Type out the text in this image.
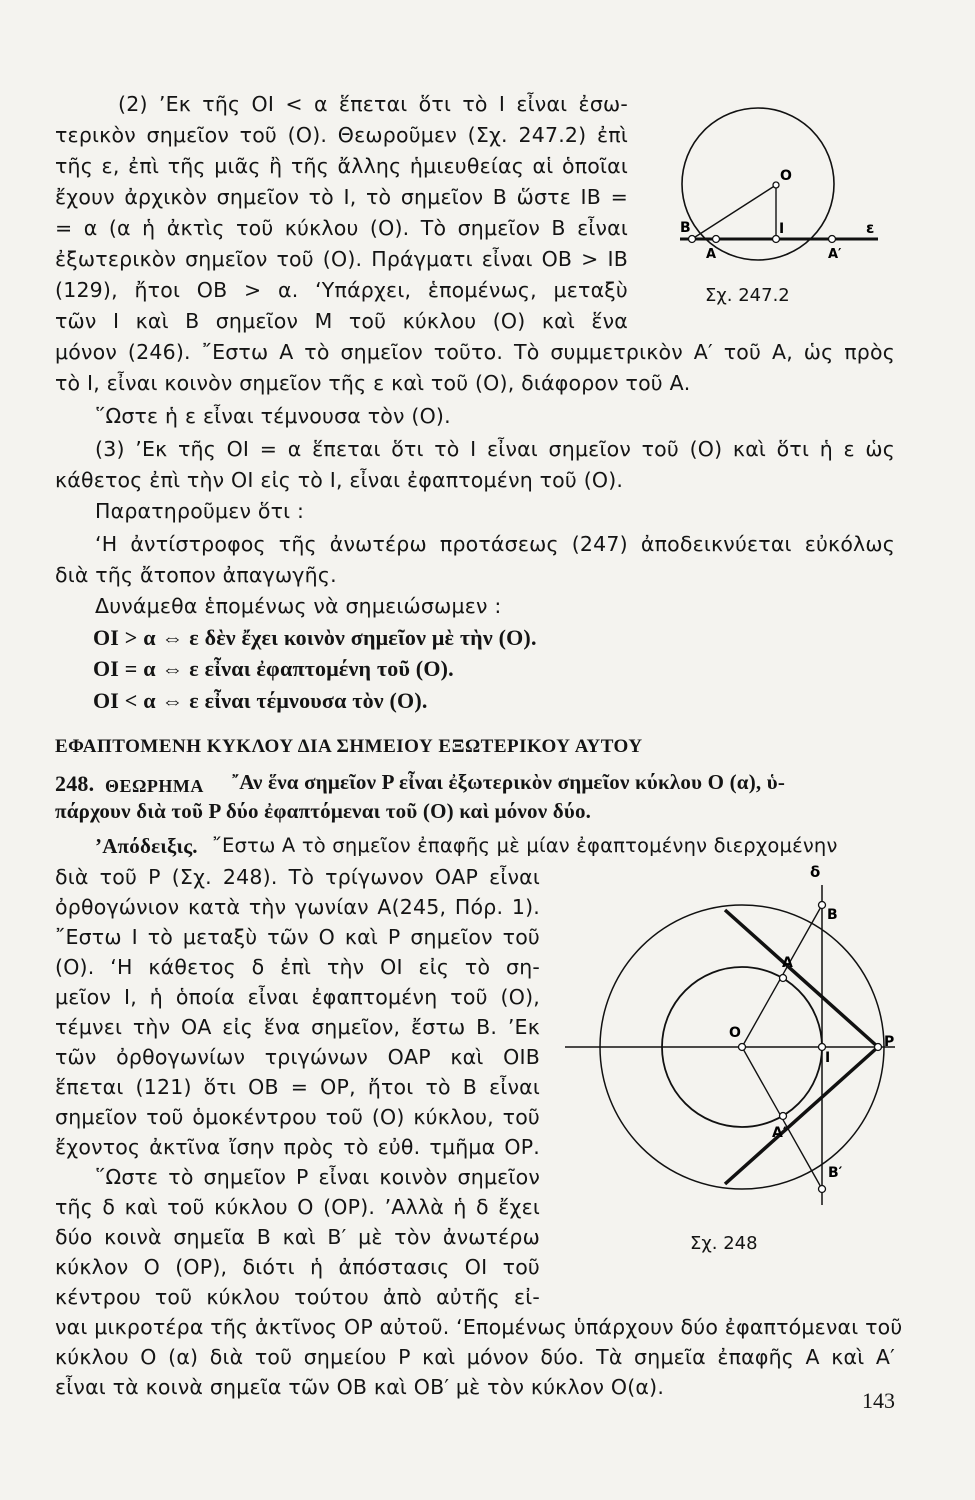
(2) ’Εκ τῆς ΟΙ < α ἕπεται ὅτι τὸ Ι εἶναι ἐσω-
τερικὸν σημεῖον τοῦ (Ο). Θεωροῦμεν (Σχ. 247.2) ἐπὶ
τῆς ε, ἐπὶ τῆς μιᾶς ἢ τῆς ἄλλης ἡμιευθείας αἱ ὁποῖαι
ἔχουν ἀρχικὸν σημεῖον τὸ Ι, τὸ σημεῖον Β ὥστε ΙΒ =
= α (α ἡ ἀκτὶς τοῦ κύκλου (Ο). Τὸ σημεῖον Β εἶναι
ἐξωτερικὸν σημεῖον τοῦ (Ο). Πράγματι εἶναι ΟΒ > ΙΒ
(129), ἤτοι ΟΒ > α. ‘Υπάρχει, ἑπομένως, μεταξὺ
τῶν Ι καὶ Β σημεῖον Μ τοῦ κύκλου (Ο) καὶ ἕνα
μόνον (246). ῎Εστω Α τὸ σημεῖον τοῦτο. Τὸ συμμετρικὸν Α′ τοῦ Α, ὡς πρὸς
τὸ Ι, εἶναι κοινὸν σημεῖον τῆς ε καὶ τοῦ (Ο), διάφορον τοῦ Α.
῞Ωστε ἡ ε εἶναι τέμνουσα τὸν (Ο).
(3) ’Εκ τῆς ΟΙ = α ἕπεται ὅτι τὸ Ι εἶναι σημεῖον τοῦ (Ο) καὶ ὅτι ἡ ε ὡς
κάθετος ἐπὶ τὴν ΟΙ εἰς τὸ Ι, εἶναι ἐφαπτομένη τοῦ (Ο).
Παρατηροῦμεν ὅτι :
‘Η ἀντίστροφος τῆς ἀνωτέρω προτάσεως (247) ἀποδεικνύεται εὐκόλως
διὰ τῆς ἄτοπον ἀπαγωγῆς.
Δυνάμεθα ἑπομένως νὰ σημειώσωμεν :
ΟΙ > α ⇔ ε δὲν ἔχει κοινὸν σημεῖον μὲ τὴν (Ο).
ΟΙ = α ⇔ ε εἶναι ἐφαπτομένη τοῦ (Ο).
ΟΙ < α ⇔ ε εἶναι τέμνουσα τὸν (Ο).
ΕΦΑΠΤΟΜΕΝΗ ΚΥΚΛΟΥ ΔΙΑ ΣΗΜΕΙΟΥ ΕΞΩΤΕΡΙΚΟΥ ΑΥΤΟΥ
248. ΘΕΩΡΗΜΑ ῎Αν ἕνα σημεῖον Ρ εἶναι ἐξωτερικὸν σημεῖον κύκλου Ο (α), ὑ-
πάρχουν διὰ τοῦ Ρ δύο ἐφαπτόμεναι τοῦ (Ο) καὶ μόνον δύο.
’Απόδειξις. ῎Εστω Α τὸ σημεῖον ἐπαφῆς μὲ μίαν ἐφαπτομένην διερχομένην
διὰ τοῦ Ρ (Σχ. 248). Τὸ τρίγωνον ΟΑΡ εἶναι
ὀρθογώνιον κατὰ τὴν γωνίαν Α(245, Πόρ. 1).
῎Εστω Ι τὸ μεταξὺ τῶν Ο καὶ Ρ σημεῖον τοῦ
(Ο). ‘Η κάθετος δ ἐπὶ τὴν ΟΙ εἰς τὸ ση-
μεῖον Ι, ἡ ὁποία εἶναι ἐφαπτομένη τοῦ (Ο),
τέμνει τὴν ΟΑ εἰς ἕνα σημεῖον, ἔστω Β. ’Εκ
τῶν ὀρθογωνίων τριγώνων ΟΑΡ καὶ ΟΙΒ
ἕπεται (121) ὅτι ΟΒ = ΟΡ, ἤτοι τὸ Β εἶναι
σημεῖον τοῦ ὁμοκέντρου τοῦ (Ο) κύκλου, τοῦ
ἔχοντος ἀκτῖνα ἴσην πρὸς τὸ εὐθ. τμῆμα ΟΡ.
῞Ωστε τὸ σημεῖον Ρ εἶναι κοινὸν σημεῖον
τῆς δ καὶ τοῦ κύκλου Ο (ΟΡ). ’Αλλὰ ἡ δ ἔχει
δύο κοινὰ σημεῖα Β καὶ Β′ μὲ τὸν ἀνωτέρω
κύκλον Ο (ΟΡ), διότι ἡ ἀπόστασις ΟΙ τοῦ
κέντρου τοῦ κύκλου τούτου ἀπὸ αὐτῆς εἰ-
ναι μικροτέρα τῆς ἀκτῖνος ΟΡ αὐτοῦ. ‘Επομένως ὑπάρχουν δύο ἐφαπτόμεναι τοῦ
κύκλου Ο (α) διὰ τοῦ σημείου Ρ καὶ μόνον δύο. Τὰ σημεῖα ἐπαφῆς Α καὶ Α′
εἶναι τὰ κοινὰ σημεῖα τῶν ΟΒ καὶ ΟΒ′ μὲ τὸν κύκλον Ο(α).
Ο
Β	Ι	ε
Α	Α′
Σχ. 247.2
δ
Β
Α
Ο
Ι
Ρ
Α′
Β′
Σχ. 248
143
